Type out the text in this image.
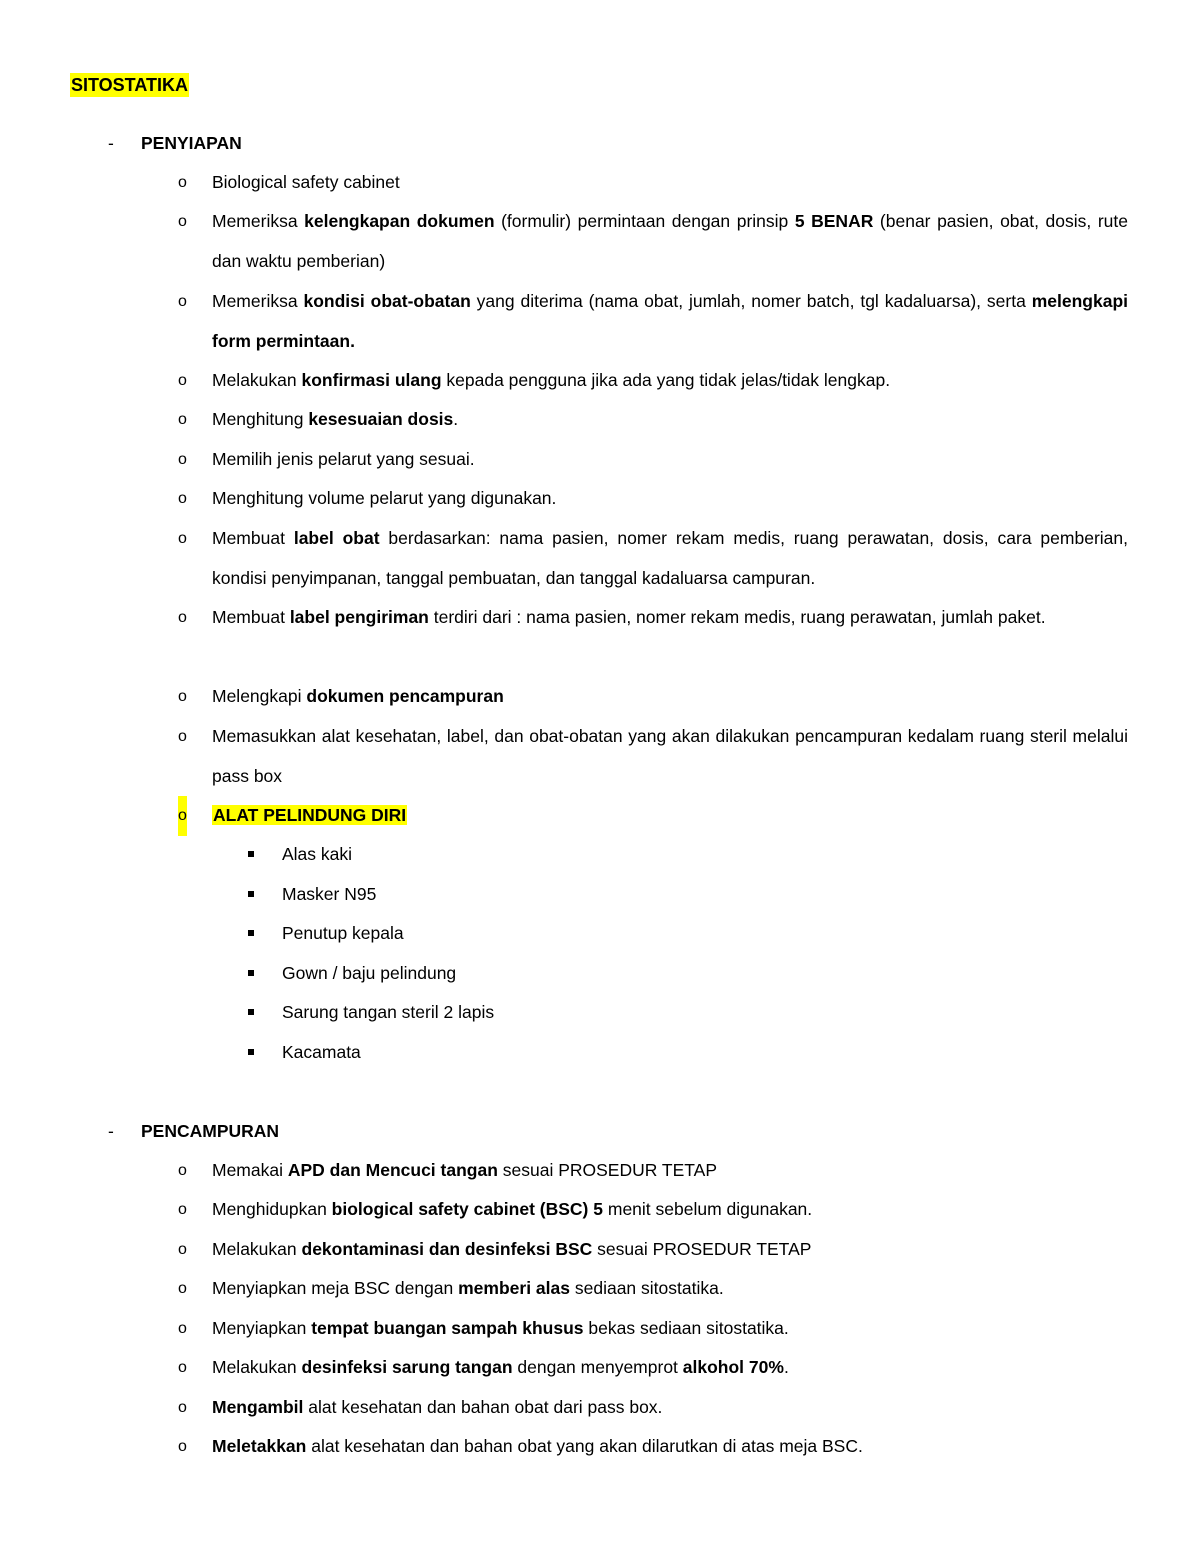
SITOSTATIKA
- PENYIAPAN
o Biological safety cabinet
o Memeriksa kelengkapan dokumen (formulir) permintaan dengan prinsip 5 BENAR (benar pasien, obat, dosis, rute dan waktu pemberian)
o Memeriksa kondisi obat-obatan yang diterima (nama obat, jumlah, nomer batch, tgl kadaluarsa), serta melengkapi form permintaan.
o Melakukan konfirmasi ulang kepada pengguna jika ada yang tidak jelas/tidak lengkap.
o Menghitung kesesuaian dosis.
o Memilih jenis pelarut yang sesuai.
o Menghitung volume pelarut yang digunakan.
o Membuat label obat berdasarkan: nama pasien, nomer rekam medis, ruang perawatan, dosis, cara pemberian, kondisi penyimpanan, tanggal pembuatan, dan tanggal kadaluarsa campuran.
o Membuat label pengiriman terdiri dari : nama pasien, nomer rekam medis, ruang perawatan, jumlah paket.
o Melengkapi dokumen pencampuran
o Memasukkan alat kesehatan, label, dan obat-obatan yang akan dilakukan pencampuran kedalam ruang steril melalui pass box
o ALAT PELINDUNG DIRI
Alas kaki
Masker N95
Penutup kepala
Gown / baju pelindung
Sarung tangan steril 2 lapis
Kacamata
- PENCAMPURAN
o Memakai APD dan Mencuci tangan sesuai PROSEDUR TETAP
o Menghidupkan biological safety cabinet (BSC) 5 menit sebelum digunakan.
o Melakukan dekontaminasi dan desinfeksi BSC sesuai PROSEDUR TETAP
o Menyiapkan meja BSC dengan memberi alas sediaan sitostatika.
o Menyiapkan tempat buangan sampah khusus bekas sediaan sitostatika.
o Melakukan desinfeksi sarung tangan dengan menyemprot alkohol 70%.
o Mengambil alat kesehatan dan bahan obat dari pass box.
o Meletakkan alat kesehatan dan bahan obat yang akan dilarutkan di atas meja BSC.
